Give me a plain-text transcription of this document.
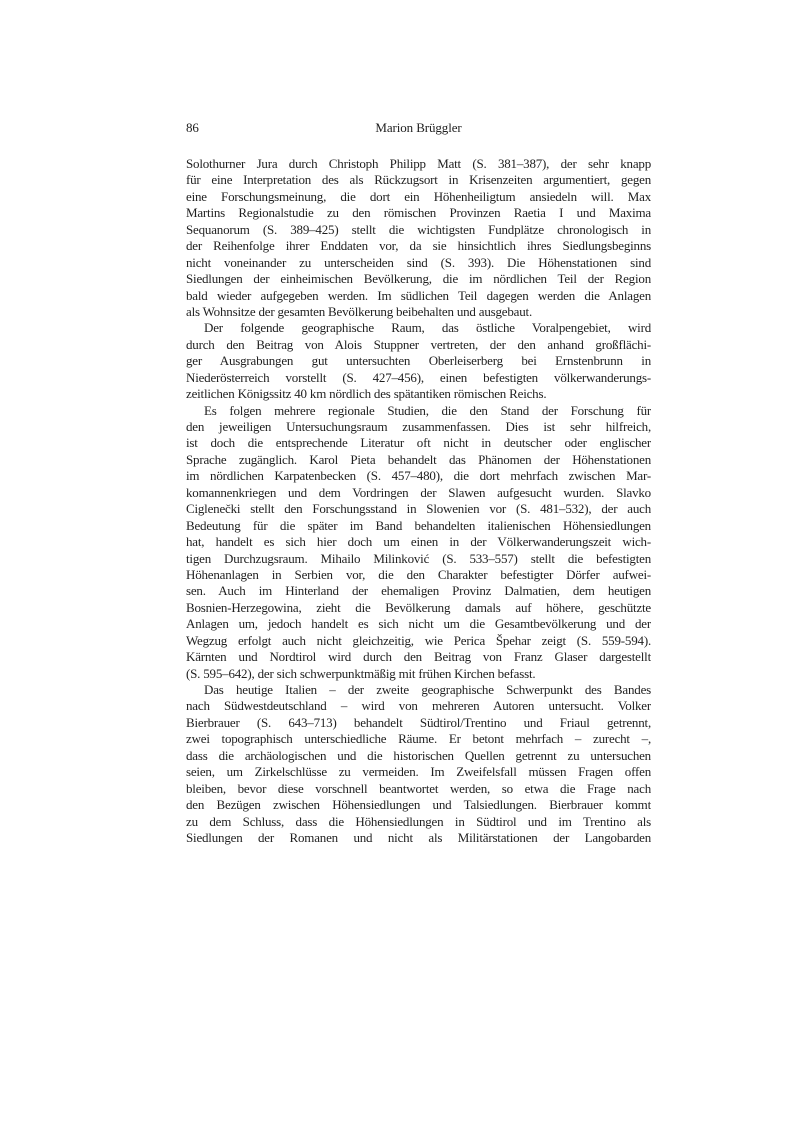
86	Marion Brüggler
Solothurner Jura durch Christoph Philipp Matt (S. 381–387), der sehr knapp
für eine Interpretation des als Rückzugsort in Krisenzeiten argumentiert, gegen
eine Forschungsmeinung, die dort ein Höhenheiligtum ansiedeln will. Max
Martins Regionalstudie zu den römischen Provinzen Raetia I und Maxima
Sequanorum (S. 389–425) stellt die wichtigsten Fundplätze chronologisch in
der Reihenfolge ihrer Enddaten vor, da sie hinsichtlich ihres Siedlungsbeginns
nicht voneinander zu unterscheiden sind (S. 393). Die Höhenstationen sind
Siedlungen der einheimischen Bevölkerung, die im nördlichen Teil der Region
bald wieder aufgegeben werden. Im südlichen Teil dagegen werden die Anlagen
als Wohnsitze der gesamten Bevölkerung beibehalten und ausgebaut.
Der folgende geographische Raum, das östliche Voralpengebiet, wird
durch den Beitrag von Alois Stuppner vertreten, der den anhand großflächi-
ger Ausgrabungen gut untersuchten Oberleiserberg bei Ernstenbrunn in
Niederösterreich vorstellt (S. 427–456), einen befestigten völkerwanderungs-
zeitlichen Königssitz 40 km nördlich des spätantiken römischen Reichs.
Es folgen mehrere regionale Studien, die den Stand der Forschung für
den jeweiligen Untersuchungsraum zusammenfassen. Dies ist sehr hilfreich,
ist doch die entsprechende Literatur oft nicht in deutscher oder englischer
Sprache zugänglich. Karol Pieta behandelt das Phänomen der Höhenstationen
im nördlichen Karpatenbecken (S. 457–480), die dort mehrfach zwischen Mar-
komannenkriegen und dem Vordringen der Slawen aufgesucht wurden. Slavko
Ciglenečki stellt den Forschungsstand in Slowenien vor (S. 481–532), der auch
Bedeutung für die später im Band behandelten italienischen Höhensiedlungen
hat, handelt es sich hier doch um einen in der Völkerwanderungszeit wich-
tigen Durchzugsraum. Mihailo Milinković (S. 533–557) stellt die befestigten
Höhenanlagen in Serbien vor, die den Charakter befestigter Dörfer aufwei-
sen. Auch im Hinterland der ehemaligen Provinz Dalmatien, dem heutigen
Bosnien-Herzegowina, zieht die Bevölkerung damals auf höhere, geschützte
Anlagen um, jedoch handelt es sich nicht um die Gesamtbevölkerung und der
Wegzug erfolgt auch nicht gleichzeitig, wie Perica Špehar zeigt (S. 559-594).
Kärnten und Nordtirol wird durch den Beitrag von Franz Glaser dargestellt
(S. 595–642), der sich schwerpunktmäßig mit frühen Kirchen befasst.
Das heutige Italien – der zweite geographische Schwerpunkt des Bandes
nach Südwestdeutschland – wird von mehreren Autoren untersucht. Volker
Bierbrauer (S. 643–713) behandelt Südtirol/Trentino und Friaul getrennt,
zwei topographisch unterschiedliche Räume. Er betont mehrfach – zurecht –,
dass die archäologischen und die historischen Quellen getrennt zu untersuchen
seien, um Zirkelschlüsse zu vermeiden. Im Zweifelsfall müssen Fragen offen
bleiben, bevor diese vorschnell beantwortet werden, so etwa die Frage nach
den Bezügen zwischen Höhensiedlungen und Talsiedlungen. Bierbrauer kommt
zu dem Schluss, dass die Höhensiedlungen in Südtirol und im Trentino als
Siedlungen der Romanen und nicht als Militärstationen der Langobarden
